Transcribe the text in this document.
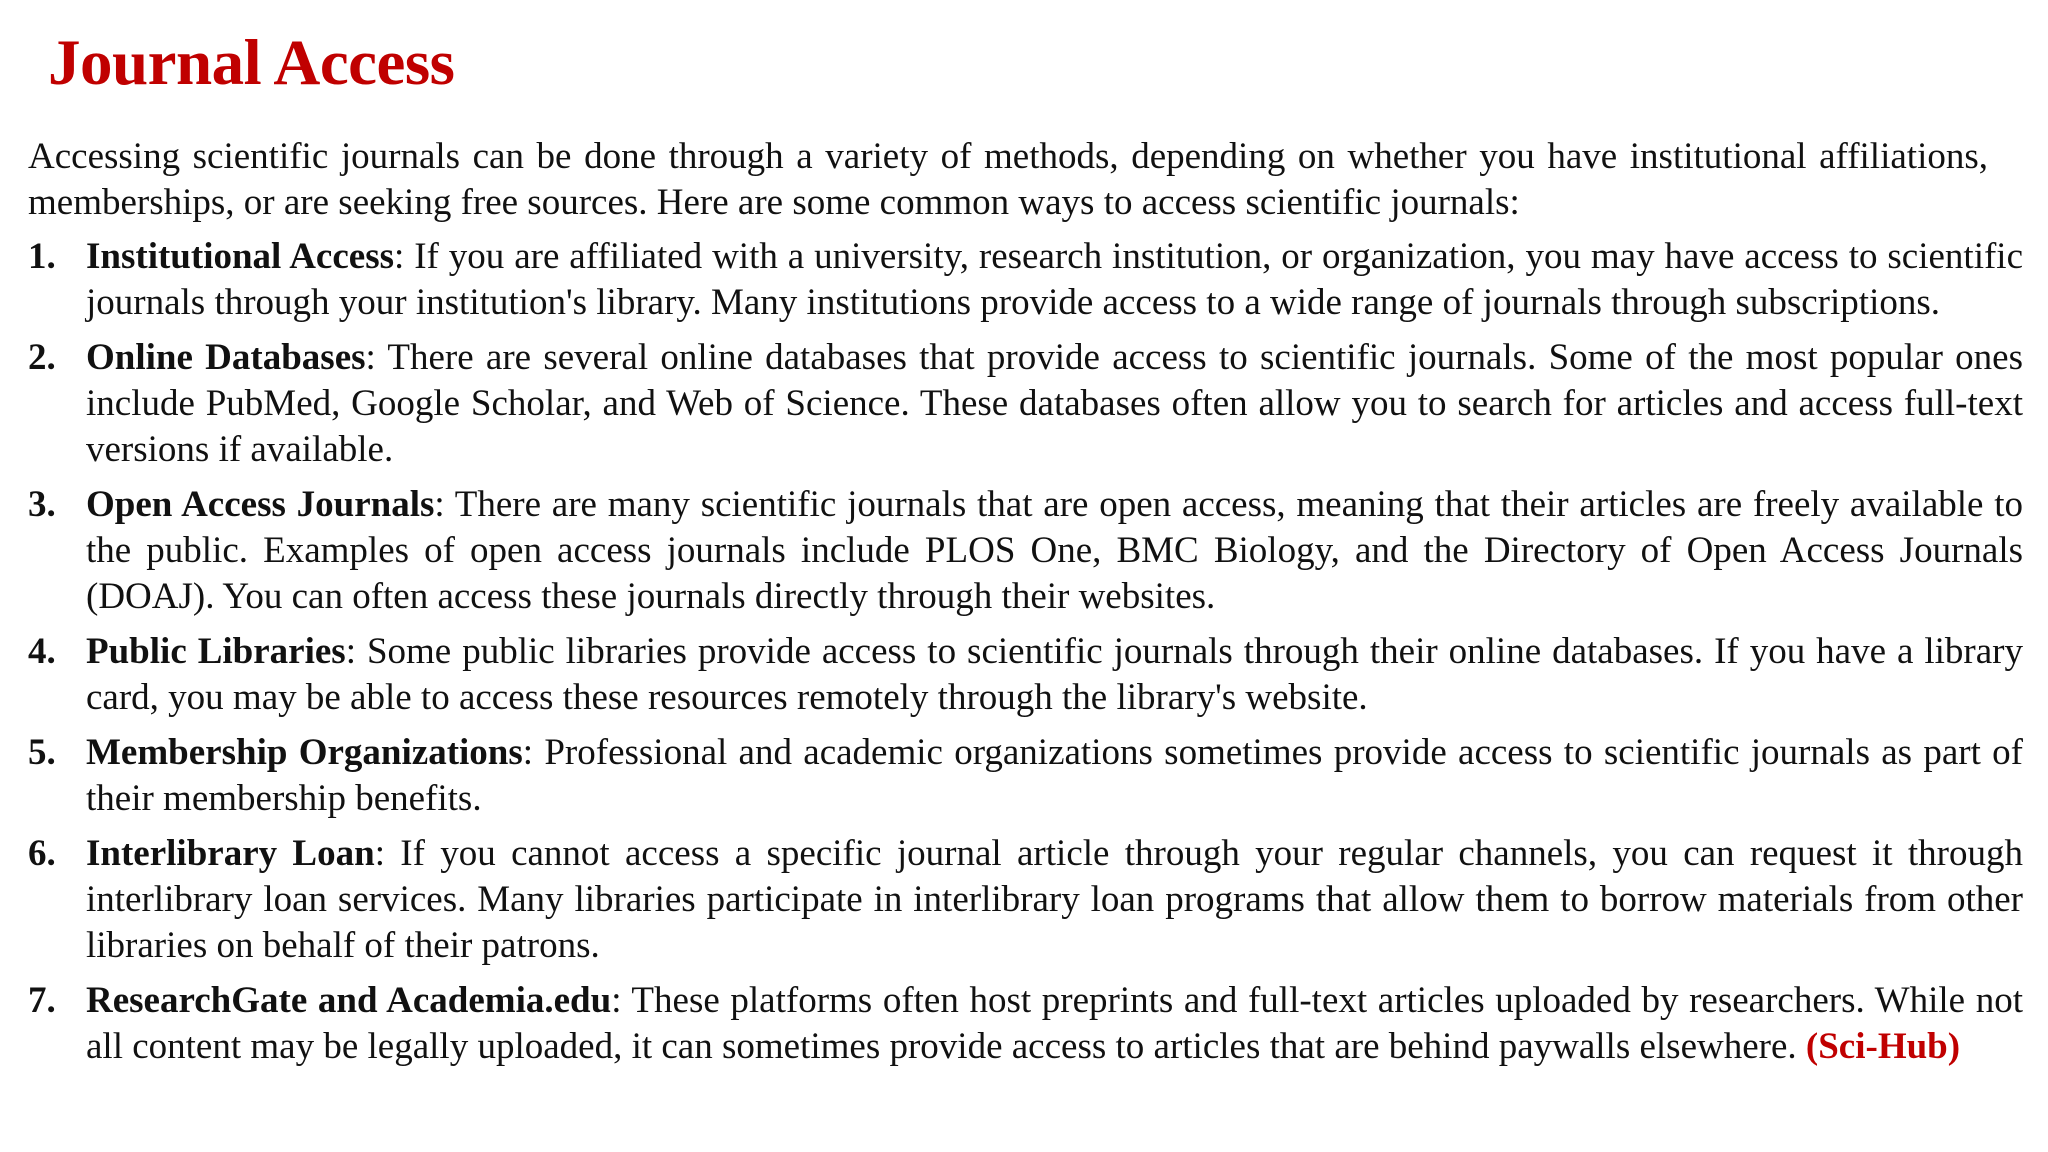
Journal Access

Accessing scientific journals can be done through a variety of methods, depending on whether you have institutional affiliations, memberships, or are seeking free sources. Here are some common ways to access scientific journals:

1. Institutional Access: If you are affiliated with a university, research institution, or organization, you may have access to scientific journals through your institution's library. Many institutions provide access to a wide range of journals through subscriptions.
2. Online Databases: There are several online databases that provide access to scientific journals. Some of the most popular ones include PubMed, Google Scholar, and Web of Science. These databases often allow you to search for articles and access full-text versions if available.
3. Open Access Journals: There are many scientific journals that are open access, meaning that their articles are freely available to the public. Examples of open access journals include PLOS One, BMC Biology, and the Directory of Open Access Journals (DOAJ). You can often access these journals directly through their websites.
4. Public Libraries: Some public libraries provide access to scientific journals through their online databases. If you have a library card, you may be able to access these resources remotely through the library's website.
5. Membership Organizations: Professional and academic organizations sometimes provide access to scientific journals as part of their membership benefits.
6. Interlibrary Loan: If you cannot access a specific journal article through your regular channels, you can request it through interlibrary loan services. Many libraries participate in interlibrary loan programs that allow them to borrow materials from other libraries on behalf of their patrons.
7. ResearchGate and Academia.edu: These platforms often host preprints and full-text articles uploaded by researchers. While not all content may be legally uploaded, it can sometimes provide access to articles that are behind paywalls elsewhere. (Sci-Hub)
